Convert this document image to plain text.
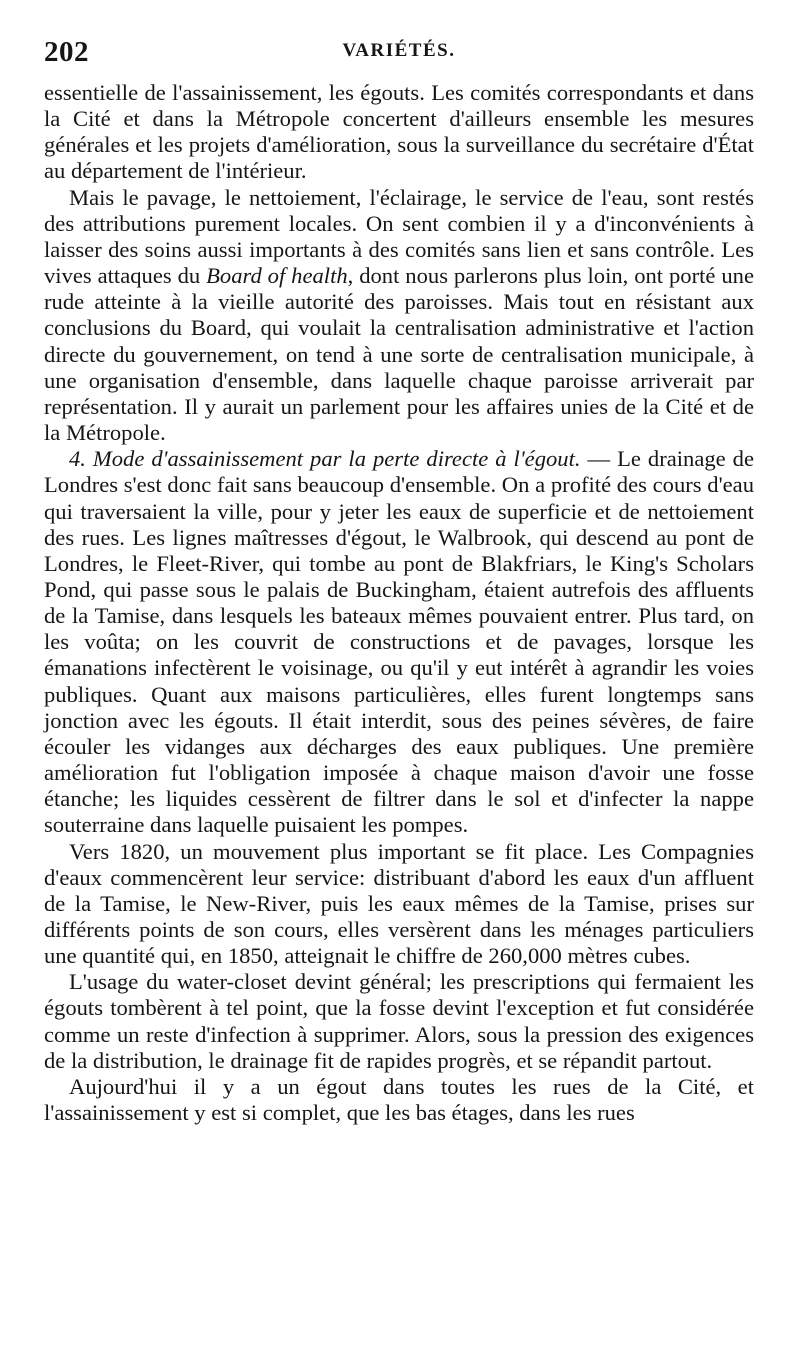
202	VARIÉTÉS.

essentielle de l'assainissement, les égouts. Les comités correspondants et dans la Cité et dans la Métropole concertent d'ailleurs ensemble les mesures générales et les projets d'amélioration, sous la surveillance du secrétaire d'État au département de l'intérieur.

Mais le pavage, le nettoiement, l'éclairage, le service de l'eau, sont restés des attributions purement locales. On sent combien il y a d'inconvénients à laisser des soins aussi importants à des comités sans lien et sans contrôle. Les vives attaques du Board of health, dont nous parlerons plus loin, ont porté une rude atteinte à la vieille autorité des paroisses. Mais tout en résistant aux conclusions du Board, qui voulait la centralisation administrative et l'action directe du gouvernement, on tend à une sorte de centralisation municipale, à une organisation d'ensemble, dans laquelle chaque paroisse arriverait par représentation. Il y aurait un parlement pour les affaires unies de la Cité et de la Métropole.

4. Mode d'assainissement par la perte directe à l'égout. — Le drainage de Londres s'est donc fait sans beaucoup d'ensemble. On a profité des cours d'eau qui traversaient la ville, pour y jeter les eaux de superficie et de nettoiement des rues. Les lignes maîtresses d'égout, le Walbrook, qui descend au pont de Londres, le Fleet-River, qui tombe au pont de Blakfriars, le King's Scholars Pond, qui passe sous le palais de Buckingham, étaient autrefois des affluents de la Tamise, dans lesquels les bateaux mêmes pouvaient entrer. Plus tard, on les voûta; on les couvrit de constructions et de pavages, lorsque les émanations infectèrent le voisinage, ou qu'il y eut intérêt à agrandir les voies publiques. Quant aux maisons particulières, elles furent longtemps sans jonction avec les égouts. Il était interdit, sous des peines sévères, de faire écouler les vidanges aux décharges des eaux publiques. Une première amélioration fut l'obligation imposée à chaque maison d'avoir une fosse étanche; les liquides cessèrent de filtrer dans le sol et d'infecter la nappe souterraine dans laquelle puisaient les pompes.

Vers 1820, un mouvement plus important se fit place. Les Compagnies d'eaux commencèrent leur service: distribuant d'abord les eaux d'un affluent de la Tamise, le New-River, puis les eaux mêmes de la Tamise, prises sur différents points de son cours, elles versèrent dans les ménages particuliers une quantité qui, en 1850, atteignait le chiffre de 260,000 mètres cubes.

L'usage du water-closet devint général; les prescriptions qui fermaient les égouts tombèrent à tel point, que la fosse devint l'exception et fut considérée comme un reste d'infection à supprimer. Alors, sous la pression des exigences de la distribution, le drainage fit de rapides progrès, et se répandit partout.

Aujourd'hui il y a un égout dans toutes les rues de la Cité, et l'assainissement y est si complet, que les bas étages, dans les rues
